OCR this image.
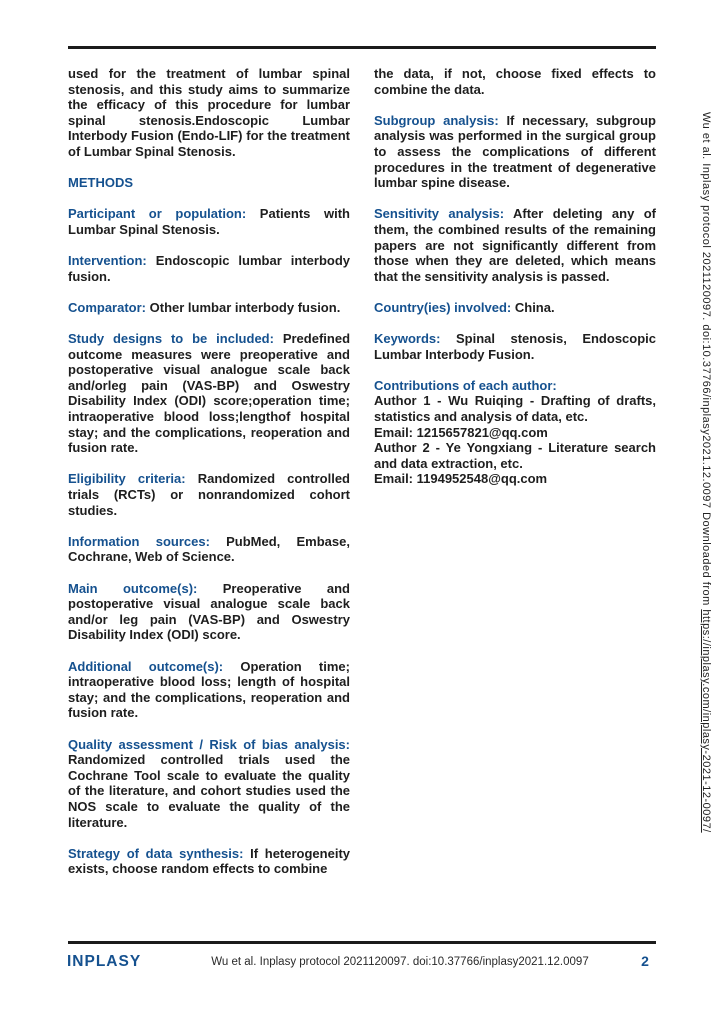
used for the treatment of lumbar spinal stenosis, and this study aims to summarize the efficacy of this procedure for lumbar spinal stenosis.Endoscopic Lumbar Interbody Fusion (Endo-LIF) for the treatment of Lumbar Spinal Stenosis.

METHODS

Participant or population: Patients with Lumbar Spinal Stenosis.

Intervention: Endoscopic lumbar interbody fusion.

Comparator: Other lumbar interbody fusion.

Study designs to be included: Predefined outcome measures were preoperative and postoperative visual analogue scale back and/orleg pain (VAS-BP) and Oswestry Disability Index (ODI) score;operation time; intraoperative blood loss;lengthof hospital stay; and the complications, reoperation and fusion rate.

Eligibility criteria: Randomized controlled trials (RCTs) or nonrandomized cohort studies.

Information sources: PubMed, Embase, Cochrane, Web of Science.

Main outcome(s): Preoperative and postoperative visual analogue scale back and/or leg pain (VAS-BP) and Oswestry Disability Index (ODI) score.

Additional outcome(s): Operation time; intraoperative blood loss; length of hospital stay; and the complications, reoperation and fusion rate.

Quality assessment / Risk of bias analysis: Randomized controlled trials used the Cochrane Tool scale to evaluate the quality of the literature, and cohort studies used the NOS scale to evaluate the quality of the literature.

Strategy of data synthesis: If heterogeneity exists, choose random effects to combine

the data, if not, choose fixed effects to combine the data.

Subgroup analysis: If necessary, subgroup analysis was performed in the surgical group to assess the complications of different procedures in the treatment of degenerative lumbar spine disease.

Sensitivity analysis: After deleting any of them, the combined results of the remaining papers are not significantly different from those when they are deleted, which means that the sensitivity analysis is passed.

Country(ies) involved: China.

Keywords: Spinal stenosis, Endoscopic Lumbar Interbody Fusion.

Contributions of each author:
Author 1 - Wu Ruiqing - Drafting of drafts, statistics and analysis of data, etc.
Email: 1215657821@qq.com
Author 2 - Ye Yongxiang - Literature search and data extraction, etc.
Email: 1194952548@qq.com	Wu et al. Inplasy protocol 2021120097. doi:10.37766/inplasy2021.12.0097 Downloaded from https://inplasy.com/inplasy-2021-12-0097/
INPLASY	Wu et al. Inplasy protocol 2021120097. doi:10.37766/inplasy2021.12.0097	2
